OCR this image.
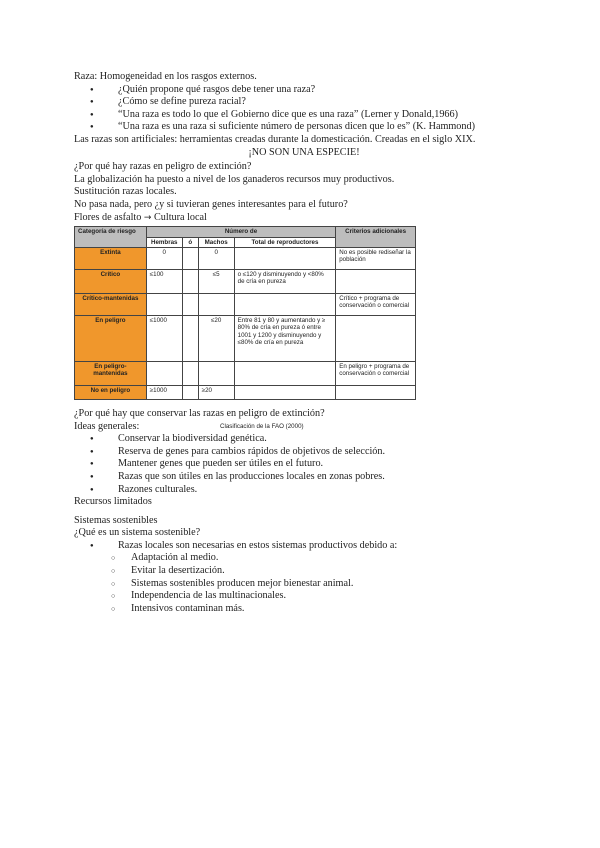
Raza: Homogeneidad en los rasgos externos.

● ¿Quién propone qué rasgos debe tener una raza?
● ¿Cómo se define pureza racial?
● “Una raza es todo lo que el Gobierno dice que es una raza” (Lerner y Donald,1966)
● “Una raza es una raza si suficiente número de personas dicen que lo es” (K. Hammond)

Las razas son artificiales: herramientas creadas durante la domesticación. Creadas en el siglo XIX.

¡NO SON UNA ESPECIE!

¿Por qué hay razas en peligro de extinción?

La globalización ha puesto a nivel de los ganaderos recursos muy productivos.

Sustitución razas locales.

No pasa nada, pero ¿y si tuvieran genes interesantes para el futuro?

Flores de asfalto → Cultura local

Categoría de riesgo	Número de				Criterios adicionales
	Hembras	ó	Machos	Total de reproductores	
Extinta	0		0		No es posible rediseñar la población
Crítico	≤100		≤5	o ≤120 y disminuyendo y <80% de cría en pureza	
Crítico-mantenidas					Crítico + programa de conservación o comercial
En peligro	≤1000		≤20	Entre 81 y 80 y aumentando y ≥ 80% de cría en pureza ó entre 1001 y 1200 y disminuyendo y ≤80% de cría en pureza	
En peligro-mantenidas					En peligro + programa de conservación o comercial
No en peligro	≥1000		≥20		

¿Por qué hay que conservar las razas en peligro de extinción?

Ideas generales:

● Conservar la biodiversidad genética.
● Reserva de genes para cambios rápidos de objetivos de selección.
● Mantener genes que pueden ser útiles en el futuro.
● Razas que son útiles en las producciones locales en zonas pobres.
● Razones culturales.

Recursos limitados

Sistemas sostenibles

¿Qué es un sistema sostenible?

● Razas locales son necesarias en estos sistemas productivos debido a:
○ Adaptación al medio.
○ Evitar la desertización.
○ Sistemas sostenibles producen mejor bienestar animal.
○ Independencia de las multinacionales.
○ Intensivos contaminan más.
Clasificación de la FAO (2000)
